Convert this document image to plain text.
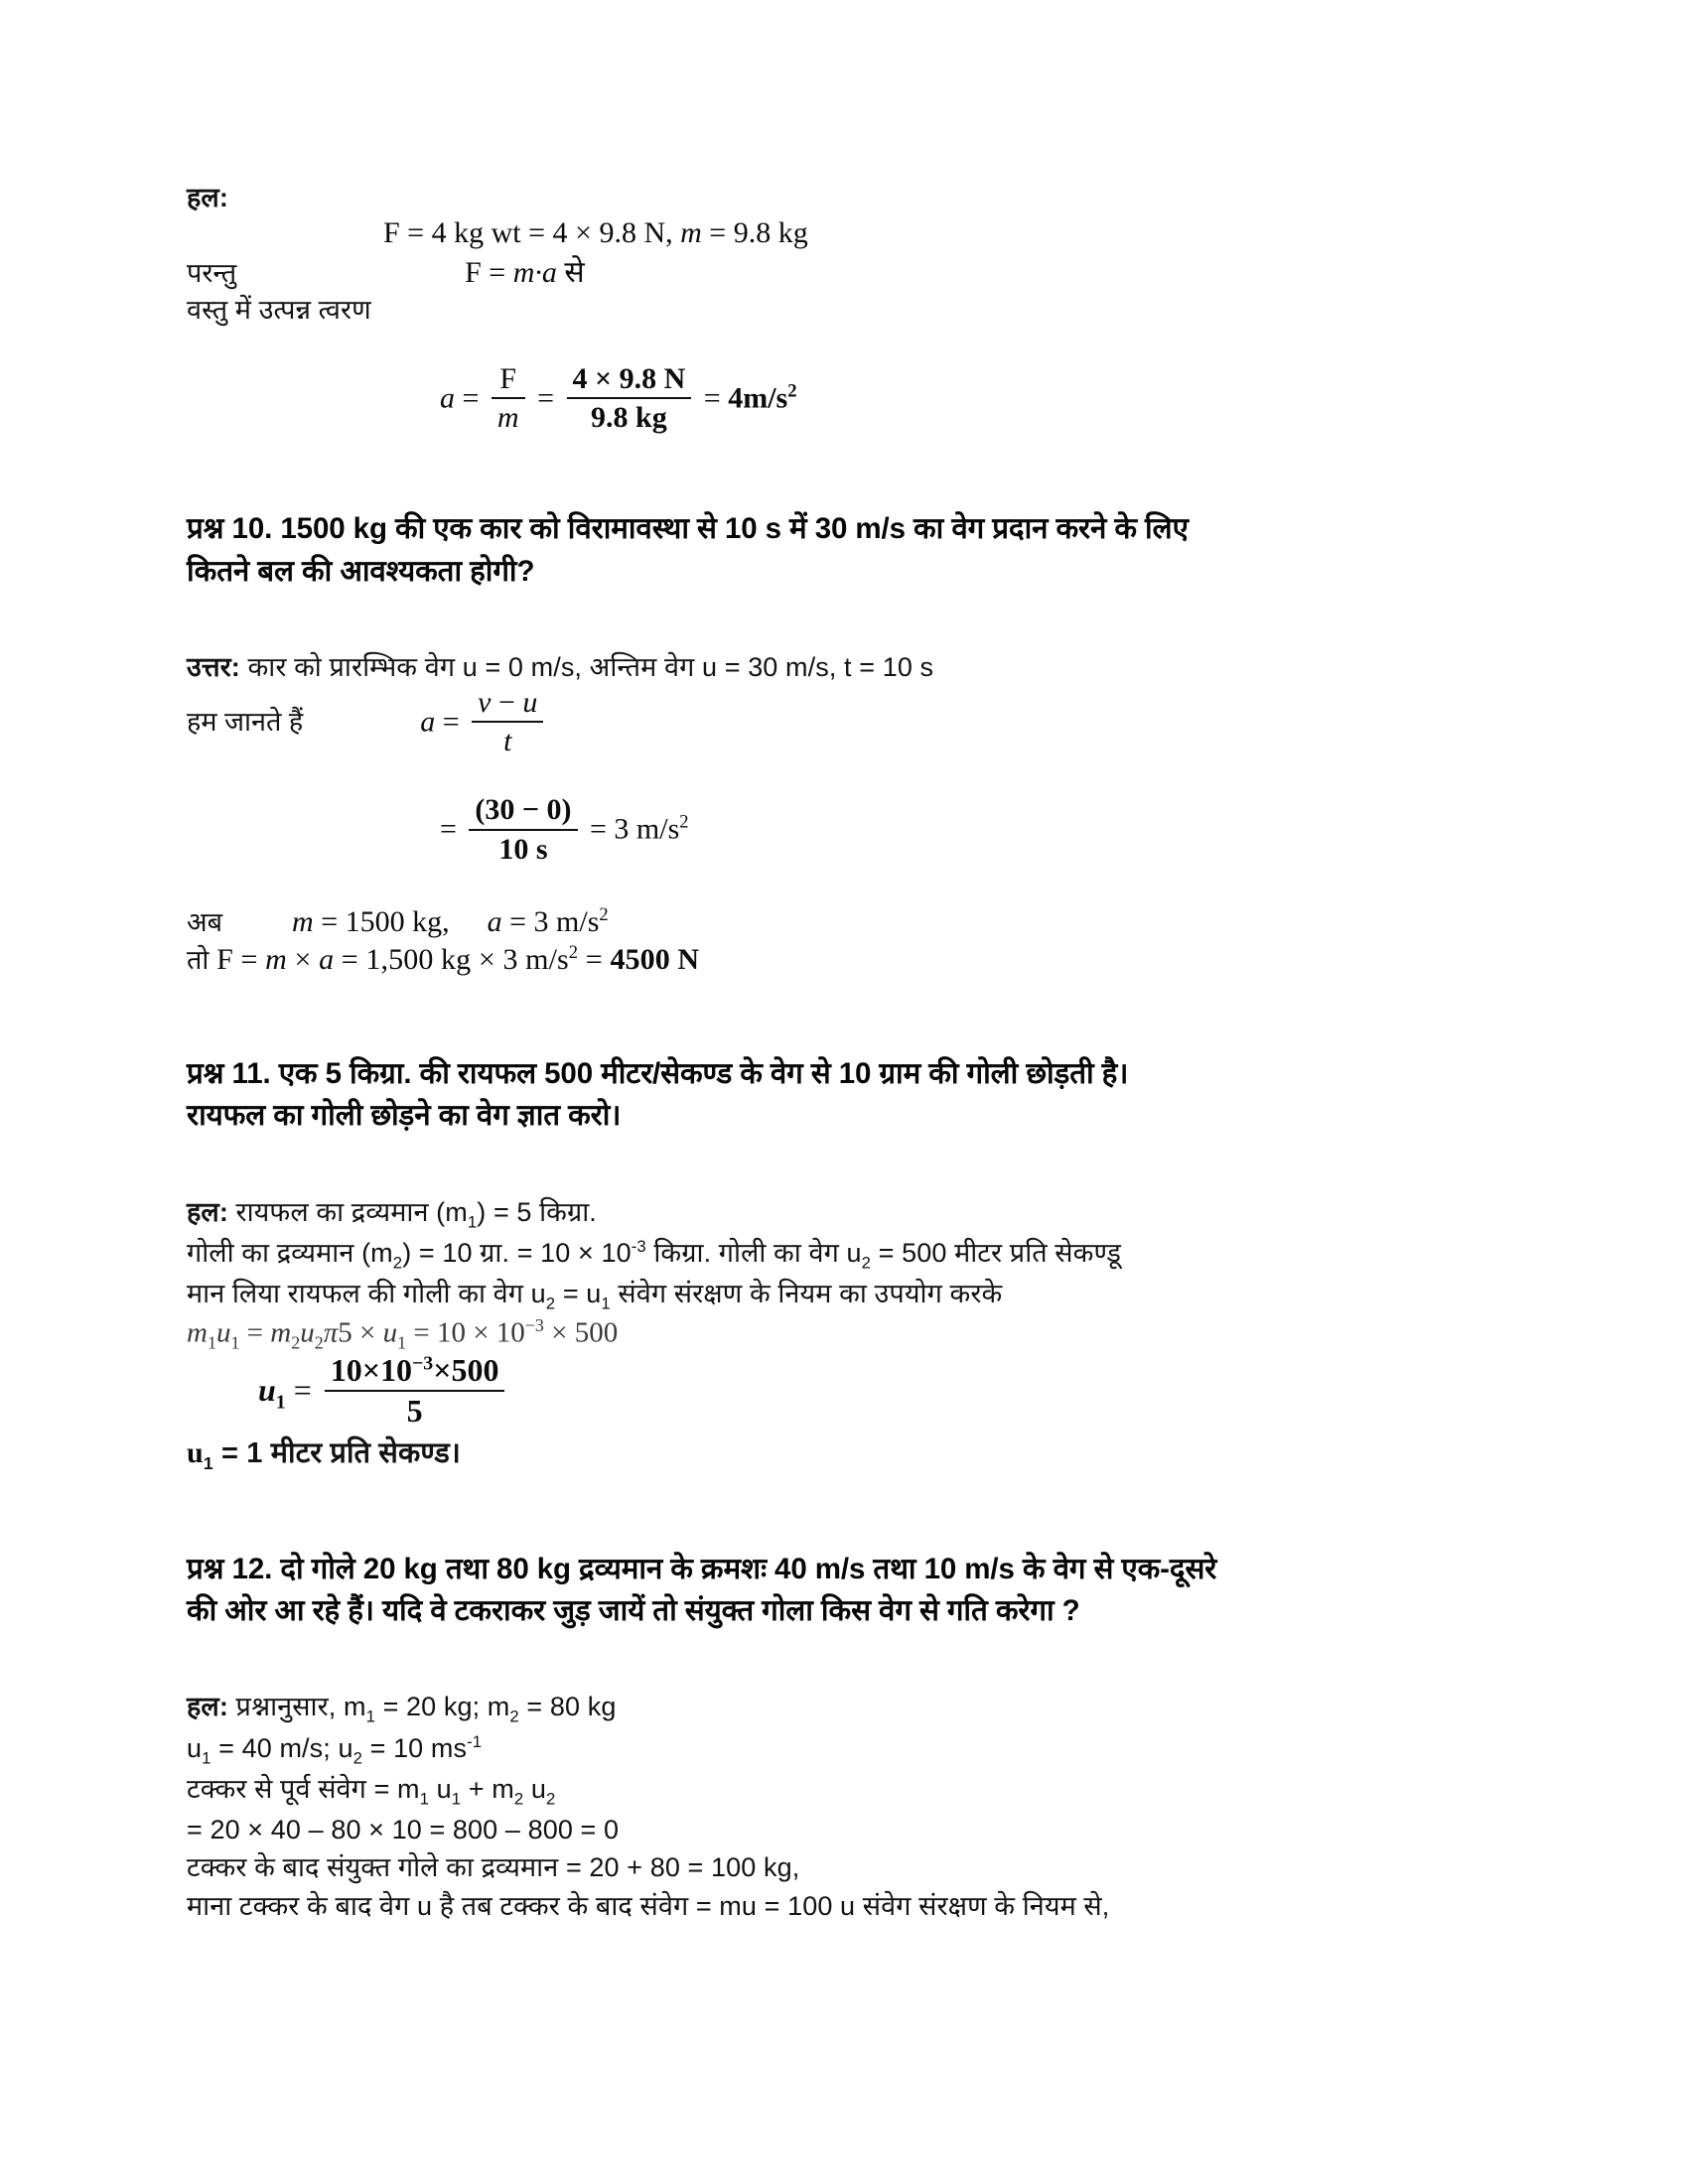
हल:
F = 4 kg wt = 4 × 9.8 N, m = 9.8 kg
परन्तु	F = m·a से
वस्तु में उत्पन्न त्वरण
$a = \frac{F}{m} = \frac{4 \times 9.8 N}{9.8 kg} = 4m/s^2$
प्रश्न 10. 1500 kg की एक कार को विरामावस्था से 10 s में 30 m/s का वेग प्रदान करने के लिए
कितने बल की आवश्यकता होगी?
उत्तर: कार को प्रारम्भिक वेग u = 0 m/s, अन्तिम वेग u = 30 m/s, t = 10 s
हम जानते हैं	$a = \frac{v - u}{t}$
= $\frac{(30 - 0)}{10 s} = 3$ $m/s^2$
अब m = 1500 kg, a = 3 $m/s^2$
तो F = m × a = 1,500 kg × 3 $m/s^2 = 4500$ N
प्रश्न 11. एक 5 किग्रा. की रायफल 500 मीटर/सेकण्ड के वेग से 10 ग्राम की गोली छोड़ती है।
रायफल का गोली छोड़ने का वेग ज्ञात करो।
हल: रायफल का द्रव्यमान $(m_1) = 5$ किग्रा.
गोली का द्रव्यमान $(m_2) = 10$ ग्रा. = $10 \times 10^{-3}$ किग्रा. गोली का वेग $u_2 = 500$ मीटर प्रति सेकण्डू
मान लिया रायफल की गोली का वेग $u_2 = u_1$ संवेग संरक्षण के नियम का उपयोग करके
$m_1u_1 = m_2u_2\pi 5 \times u_1 = 10 \times 10^{-3} \times 500$
$u_1 = \frac{10\times 10^{-3}\times 500}{5}$
$u_1 = 1$ मीटर प्रति सेकण्ड।
प्रश्न 12. दो गोले 20 kg तथा 80 kg द्रव्यमान के क्रमशः 40 m/s तथा 10 m/s के वेग से एक-दूसरे
की ओर आ रहे हैं। यदि वे टकराकर जुड़ जायें तो संयुक्त गोला किस वेग से गति करेगा ?
हल: प्रश्नानुसार, $m_1 = 20$ kg; $m_2 = 80$ kg
$u_1 = 40$ m/s; $u_2 = 10$ $ms^{-1}$
टक्कर से पूर्व संवेग = $m_1$ $u_1 + m_2$ $u_2$
= 20 × 40 – 80 × 10 = 800 – 800 = 0
टक्कर के बाद संयुक्त गोले का द्रव्यमान = 20 + 80 = 100 kg,
माना टक्कर के बाद वेग u है तब टक्कर के बाद संवेग = mu = 100 u संवेग संरक्षण के नियम से,
